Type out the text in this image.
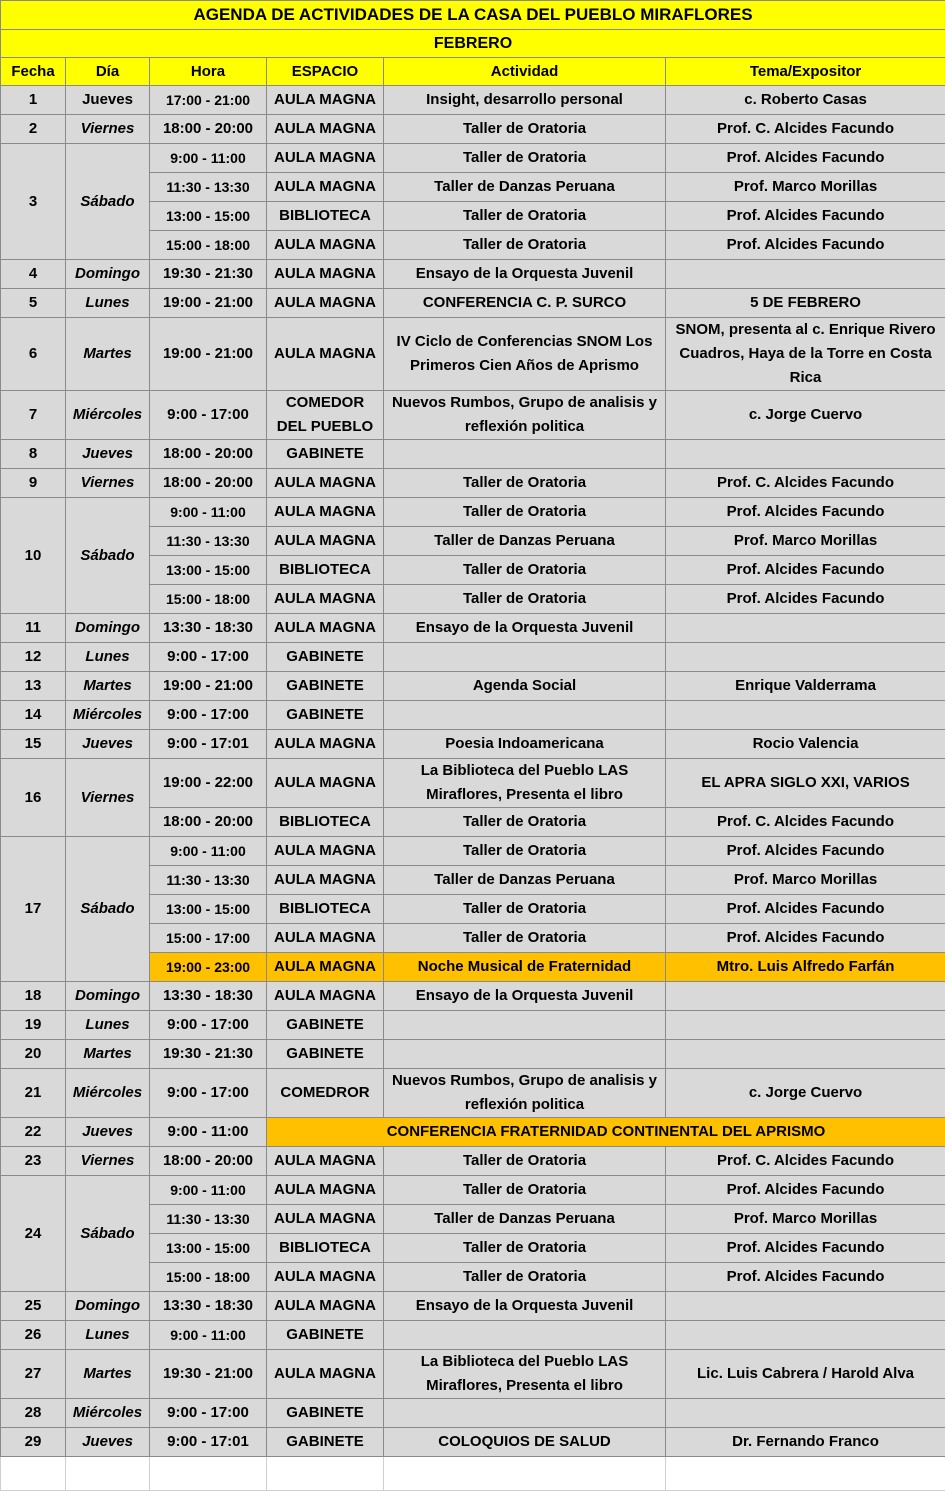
AGENDA DE ACTIVIDADES DE LA CASA DEL PUEBLO MIRAFLORES					
FEBRERO					
Fecha	Día	Hora	ESPACIO	Actividad	Tema/Expositor
1	Jueves	17:00 - 21:00	AULA MAGNA	Insight, desarrollo personal	c. Roberto Casas
2	Viernes	18:00 - 20:00	AULA MAGNA	Taller de Oratoria	Prof. C. Alcides Facundo
3	Sábado	9:00 - 11:00	AULA MAGNA	Taller de Oratoria	Prof. Alcides Facundo
		11:30 - 13:30	AULA MAGNA	Taller de Danzas Peruana	Prof. Marco Morillas
		13:00 - 15:00	BIBLIOTECA	Taller de Oratoria	Prof. Alcides Facundo
		15:00 - 18:00	AULA MAGNA	Taller de Oratoria	Prof. Alcides Facundo
4	Domingo	19:30 - 21:30	AULA MAGNA	Ensayo de la Orquesta Juvenil	
5	Lunes	19:00 - 21:00	AULA MAGNA	CONFERENCIA C. P. SURCO	5 DE FEBRERO
6	Martes	19:00 - 21:00	AULA MAGNA	IV Ciclo de Conferencias SNOM Los Primeros Cien Años de Aprismo	SNOM, presenta al c. Enrique Rivero Cuadros, Haya de la Torre en Costa Rica
7	Miércoles	9:00 - 17:00	COMEDOR DEL PUEBLO	Nuevos Rumbos, Grupo de analisis y reflexión politica	c. Jorge Cuervo
8	Jueves	18:00 - 20:00	GABINETE		
9	Viernes	18:00 - 20:00	AULA MAGNA	Taller de Oratoria	Prof. C. Alcides Facundo
10	Sábado	9:00 - 11:00	AULA MAGNA	Taller de Oratoria	Prof. Alcides Facundo
		11:30 - 13:30	AULA MAGNA	Taller de Danzas Peruana	Prof. Marco Morillas
		13:00 - 15:00	BIBLIOTECA	Taller de Oratoria	Prof. Alcides Facundo
		15:00 - 18:00	AULA MAGNA	Taller de Oratoria	Prof. Alcides Facundo
11	Domingo	13:30 - 18:30	AULA MAGNA	Ensayo de la Orquesta Juvenil	
12	Lunes	9:00 - 17:00	GABINETE		
13	Martes	19:00 - 21:00	GABINETE	Agenda Social	Enrique Valderrama
14	Miércoles	9:00 - 17:00	GABINETE		
15	Jueves	9:00 - 17:01	AULA MAGNA	Poesia Indoamericana	Rocio Valencia
16	Viernes	19:00 - 22:00	AULA MAGNA	La Biblioteca del Pueblo LAS Miraflores, Presenta el libro	EL APRA SIGLO XXI, VARIOS
		18:00 - 20:00	BIBLIOTECA	Taller de Oratoria	Prof. C. Alcides Facundo
17	Sábado	9:00 - 11:00	AULA MAGNA	Taller de Oratoria	Prof. Alcides Facundo
		11:30 - 13:30	AULA MAGNA	Taller de Danzas Peruana	Prof. Marco Morillas
		13:00 - 15:00	BIBLIOTECA	Taller de Oratoria	Prof. Alcides Facundo
		15:00 - 17:00	AULA MAGNA	Taller de Oratoria	Prof. Alcides Facundo
		19:00 - 23:00	AULA MAGNA	Noche Musical de Fraternidad	Mtro. Luis Alfredo Farfán
18	Domingo	13:30 - 18:30	AULA MAGNA	Ensayo de la Orquesta Juvenil	
19	Lunes	9:00 - 17:00	GABINETE		
20	Martes	19:30 - 21:30	GABINETE		
21	Miércoles	9:00 - 17:00	COMEDROR	Nuevos Rumbos, Grupo de analisis y reflexión politica	c. Jorge Cuervo
22	Jueves	9:00 - 11:00	CONFERENCIA FRATERNIDAD CONTINENTAL DEL APRISMO		
23	Viernes	18:00 - 20:00	AULA MAGNA	Taller de Oratoria	Prof. C. Alcides Facundo
24	Sábado	9:00 - 11:00	AULA MAGNA	Taller de Oratoria	Prof. Alcides Facundo
		11:30 - 13:30	AULA MAGNA	Taller de Danzas Peruana	Prof. Marco Morillas
		13:00 - 15:00	BIBLIOTECA	Taller de Oratoria	Prof. Alcides Facundo
		15:00 - 18:00	AULA MAGNA	Taller de Oratoria	Prof. Alcides Facundo
25	Domingo	13:30 - 18:30	AULA MAGNA	Ensayo de la Orquesta Juvenil	
26	Lunes	9:00 - 11:00	GABINETE		
27	Martes	19:30 - 21:00	AULA MAGNA	La Biblioteca del Pueblo LAS Miraflores, Presenta el libro	Lic. Luis Cabrera / Harold Alva
28	Miércoles	9:00 - 17:00	GABINETE		
29	Jueves	9:00 - 17:01	GABINETE	COLOQUIOS DE SALUD	Dr. Fernando Franco
